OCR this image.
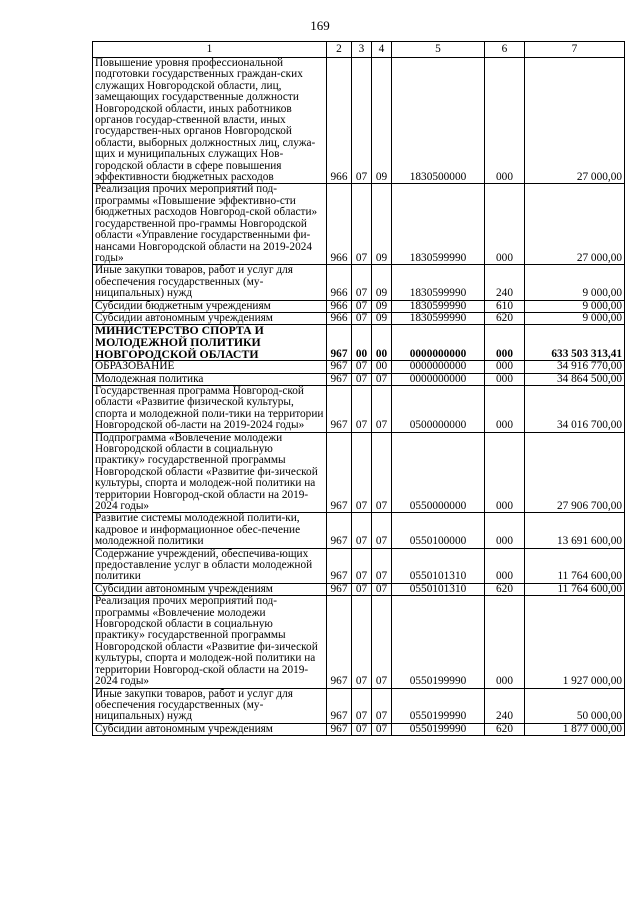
169
1	2	3	4	5	6	7
Повышение уровня профессиональной подготовки государственных граждан-ских служащих Новгородской области, лиц, замещающих государственные должности Новгородской области, иных работников органов государ-ственной власти, иных государствен-ных органов Новгородской области, выборных должностных лиц, служа-щих и муниципальных служащих Нов-городской области в сфере повышения эффективности бюджетных расходов	966	07	09	1830500000	000	27 000,00
Реализация прочих мероприятий под-программы «Повышение эффективно-сти бюджетных расходов Новгород-ской области» государственной про-граммы Новгородской области «Управление государственными фи-нансами Новгородской области на 2019-2024 годы»	966	07	09	1830599990	000	27 000,00
Иные закупки товаров, работ и услуг для обеспечения государственных (му-ниципальных) нужд	966	07	09	1830599990	240	9 000,00
Субсидии бюджетным учреждениям	966	07	09	1830599990	610	9 000,00
Субсидии автономным учреждениям	966	07	09	1830599990	620	9 000,00
МИНИСТЕРСТВО СПОРТА И МОЛОДЕЖНОЙ ПОЛИТИКИ НОВГОРОДСКОЙ ОБЛАСТИ	967	00	00	0000000000	000	633 503 313,41
ОБРАЗОВАНИЕ	967	07	00	0000000000	000	34 916 770,00
Молодежная политика	967	07	07	0000000000	000	34 864 500,00
Государственная программа Новгород-ской области «Развитие физической культуры, спорта и молодежной поли-тики на территории Новгородской об-ласти на 2019-2024 годы»	967	07	07	0500000000	000	34 016 700,00
Подпрограмма «Вовлечение молодежи Новгородской области в социальную практику» государственной программы Новгородской области «Развитие фи-зической культуры, спорта и молодеж-ной политики на территории Новгород-ской области на 2019-2024 годы»	967	07	07	0550000000	000	27 906 700,00
Развитие системы молодежной полити-ки, кадровое и информационное обес-печение молодежной политики	967	07	07	0550100000	000	13 691 600,00
Содержание учреждений, обеспечива-ющих предоставление услуг в области молодежной политики	967	07	07	0550101310	000	11 764 600,00
Субсидии автономным учреждениям	967	07	07	0550101310	620	11 764 600,00
Реализация прочих мероприятий под-программы «Вовлечение молодежи Новгородской области в социальную практику» государственной программы Новгородской области «Развитие фи-зической культуры, спорта и молодеж-ной политики на территории Новгород-ской области на 2019-2024 годы»	967	07	07	0550199990	000	1 927 000,00
Иные закупки товаров, работ и услуг для обеспечения государственных (му-ниципальных) нужд	967	07	07	0550199990	240	50 000,00
Субсидии автономным учреждениям	967	07	07	0550199990	620	1 877 000,00
